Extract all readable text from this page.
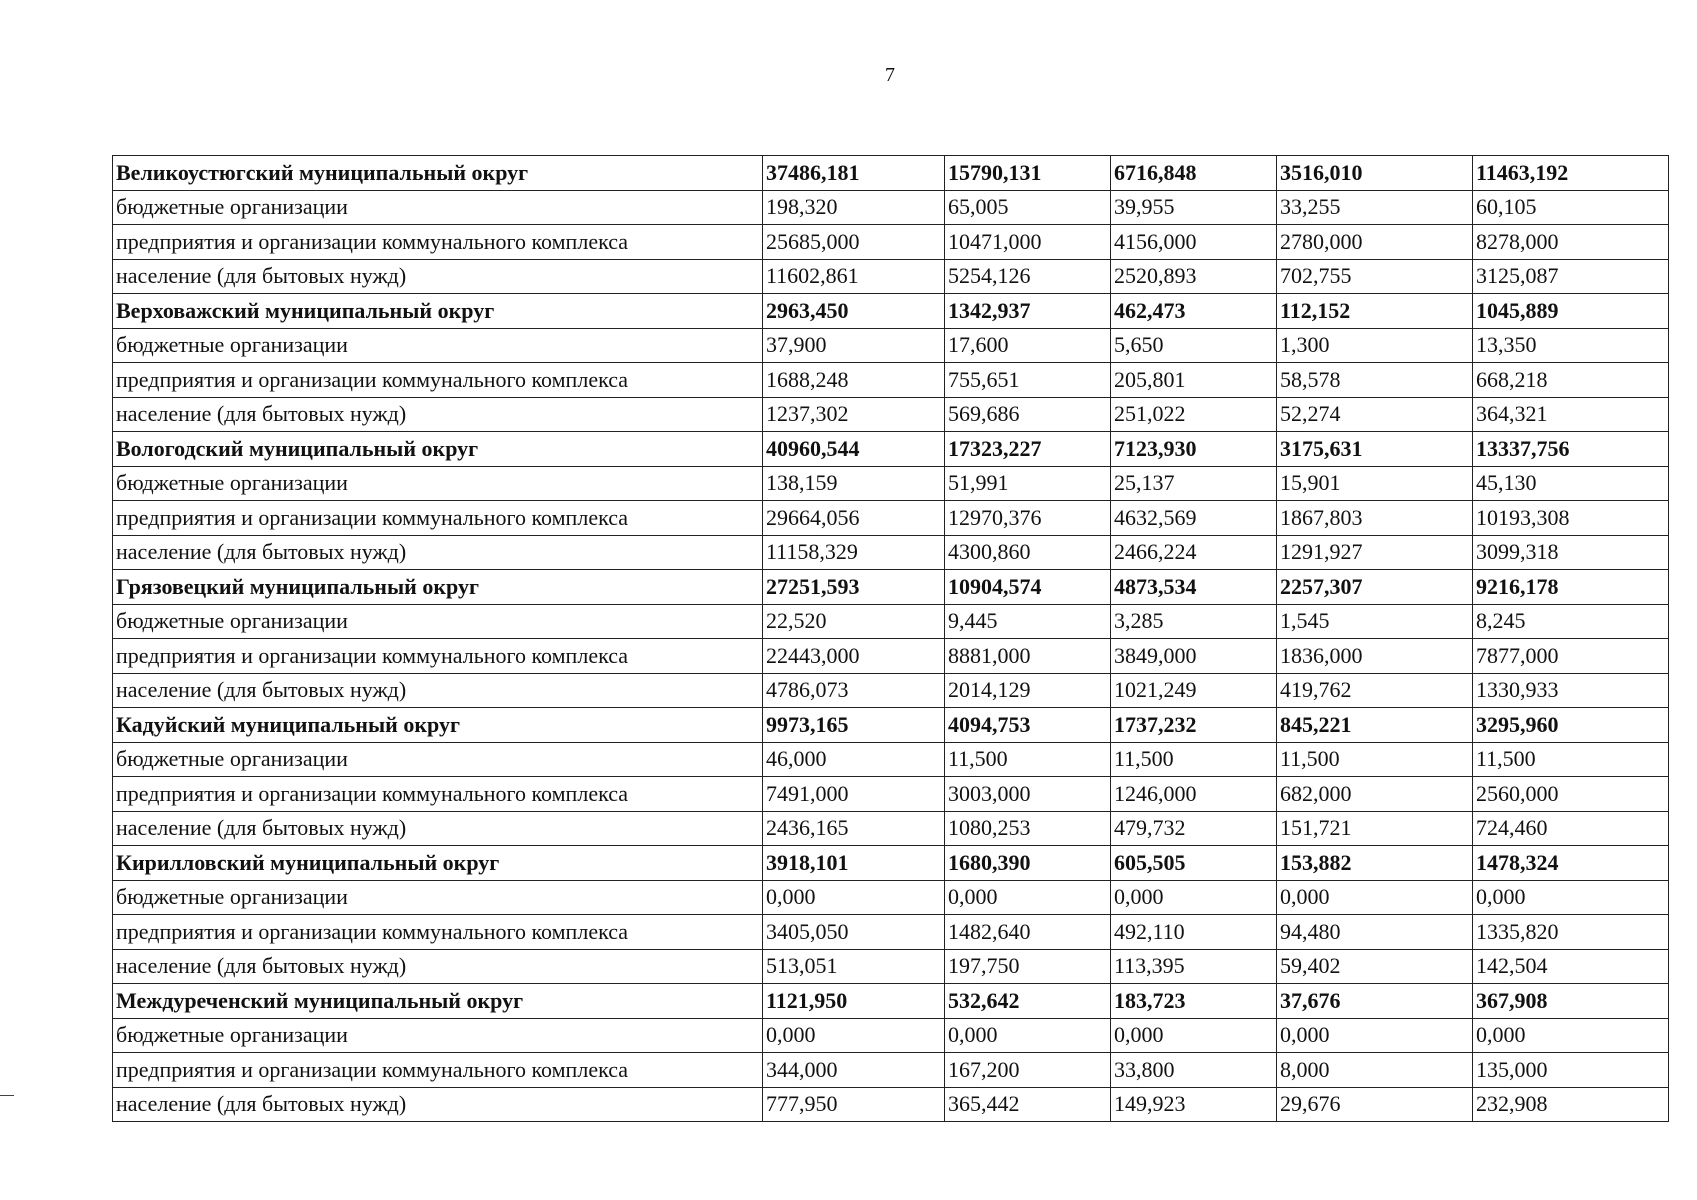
7
Великоустюгский муниципальный округ	37486,181	15790,131	6716,848	3516,010	11463,192
бюджетные организации	198,320	65,005	39,955	33,255	60,105
предприятия и организации коммунального комплекса	25685,000	10471,000	4156,000	2780,000	8278,000
население (для бытовых нужд)	11602,861	5254,126	2520,893	702,755	3125,087
Верховажский муниципальный округ	2963,450	1342,937	462,473	112,152	1045,889
бюджетные организации	37,900	17,600	5,650	1,300	13,350
предприятия и организации коммунального комплекса	1688,248	755,651	205,801	58,578	668,218
население (для бытовых нужд)	1237,302	569,686	251,022	52,274	364,321
Вологодский муниципальный округ	40960,544	17323,227	7123,930	3175,631	13337,756
бюджетные организации	138,159	51,991	25,137	15,901	45,130
предприятия и организации коммунального комплекса	29664,056	12970,376	4632,569	1867,803	10193,308
население (для бытовых нужд)	11158,329	4300,860	2466,224	1291,927	3099,318
Грязовецкий муниципальный округ	27251,593	10904,574	4873,534	2257,307	9216,178
бюджетные организации	22,520	9,445	3,285	1,545	8,245
предприятия и организации коммунального комплекса	22443,000	8881,000	3849,000	1836,000	7877,000
население (для бытовых нужд)	4786,073	2014,129	1021,249	419,762	1330,933
Кадуйский муниципальный округ	9973,165	4094,753	1737,232	845,221	3295,960
бюджетные организации	46,000	11,500	11,500	11,500	11,500
предприятия и организации коммунального комплекса	7491,000	3003,000	1246,000	682,000	2560,000
население (для бытовых нужд)	2436,165	1080,253	479,732	151,721	724,460
Кирилловский муниципальный округ	3918,101	1680,390	605,505	153,882	1478,324
бюджетные организации	0,000	0,000	0,000	0,000	0,000
предприятия и организации коммунального комплекса	3405,050	1482,640	492,110	94,480	1335,820
население (для бытовых нужд)	513,051	197,750	113,395	59,402	142,504
Междуреченский муниципальный округ	1121,950	532,642	183,723	37,676	367,908
бюджетные организации	0,000	0,000	0,000	0,000	0,000
предприятия и организации коммунального комплекса	344,000	167,200	33,800	8,000	135,000
население (для бытовых нужд)	777,950	365,442	149,923	29,676	232,908
